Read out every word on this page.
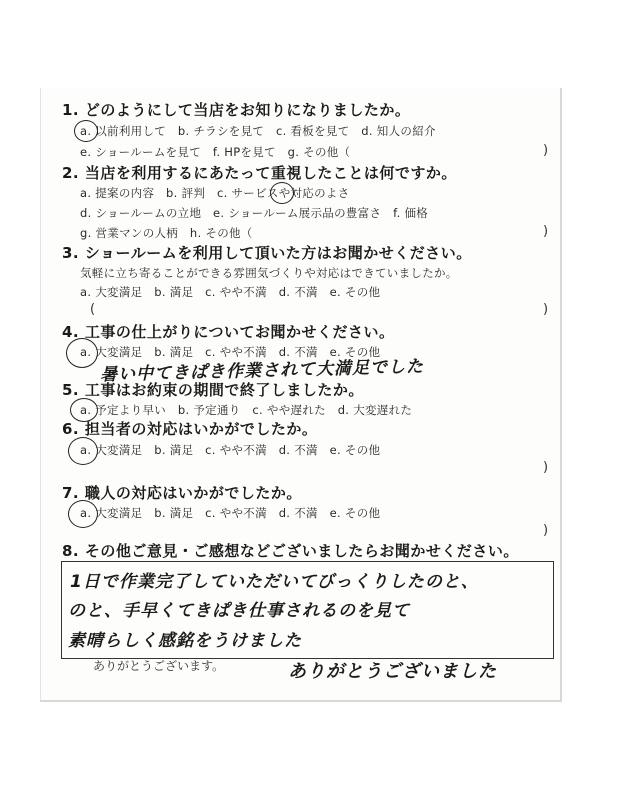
1. どのようにして当店をお知りになりましたか。
a. 以前利用して　b. チラシを見て　c. 看板を見て　d. 知人の紹介
e. ショールームを見て　f. HPを見て　g. その他（	)
2. 当店を利用するにあたって重視したことは何ですか。
a. 提案の内容　b. 評判　c. サービスや対応のよさ
d. ショールームの立地　e. ショールーム展示品の豊富さ　f. 価格
g. 営業マンの人柄　h. その他（	)
3. ショールームを利用して頂いた方はお聞かせください。
気軽に立ち寄ることができる雰囲気づくりや対応はできていましたか。
a. 大変満足　b. 満足　c. やや不満　d. 不満　e. その他
(	)
4. 工事の仕上がりについてお聞かせください。
a. 大変満足　b. 満足　c. やや不満　d. 不満　e. その他
暑い中てきぱき作業されて大満足でした
5. 工事はお約束の期間で終了しましたか。
a. 予定より早い　b. 予定通り　c. やや遅れた　d. 大変遅れた
6. 担当者の対応はいかがでしたか。
a. 大変満足　b. 満足　c. やや不満　d. 不満　e. その他
)
7. 職人の対応はいかがでしたか。
a. 大変満足　b. 満足　c. やや不満　d. 不満　e. その他
)
8. その他ご意見・ご感想などございましたらお聞かせください。
1日で作業完了していただいてびっくりしたのと、
のと、手早くてきぱき仕事されるのを見て
素晴らしく感銘をうけました
ありがとうございます。	ありがとうございました
